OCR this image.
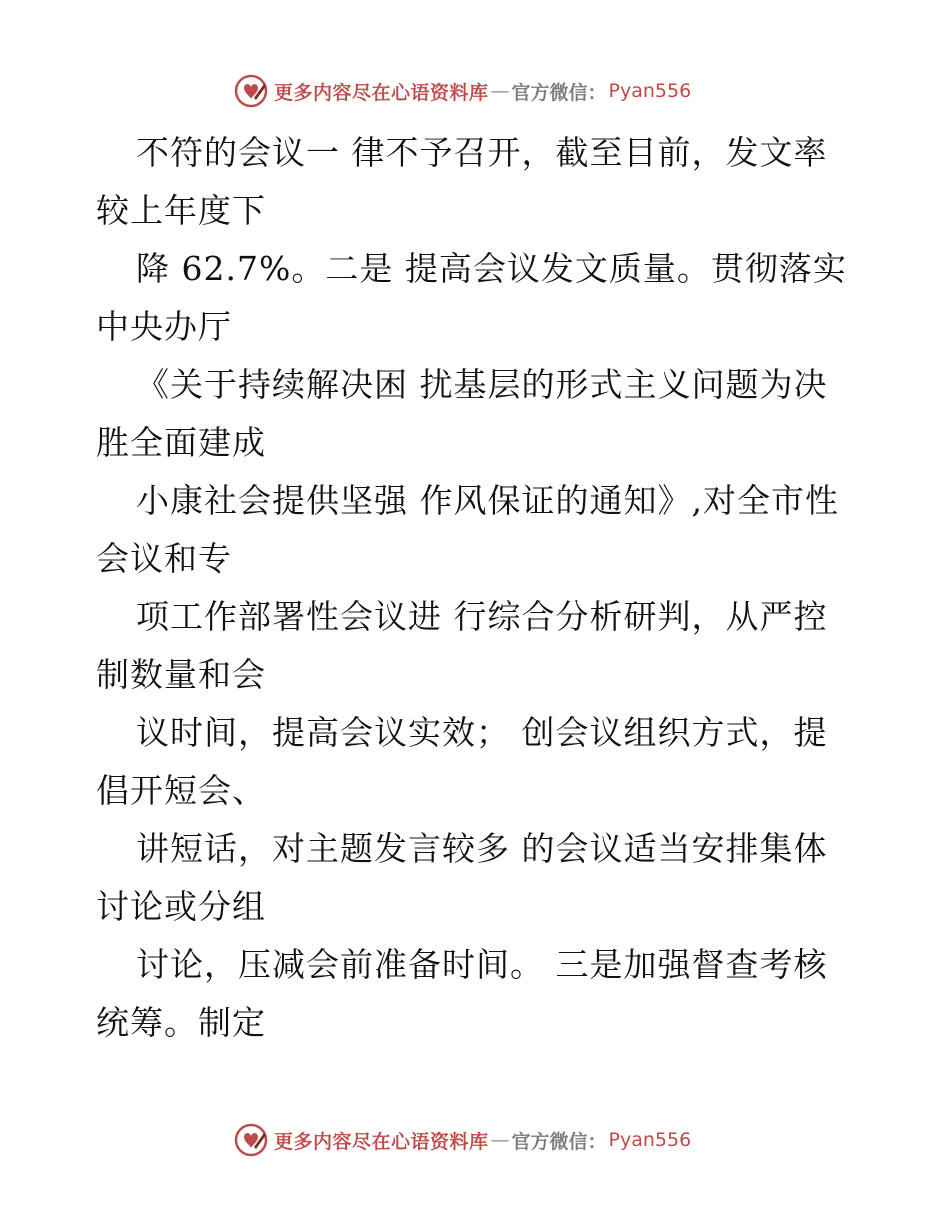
更多内容尽在心语资料库 — 官方微信： Pyan556
不符的会议一 律不予召开，截至目前，发文率
较上年度下
降 62.7%。二是 提高会议发文质量。贯彻落实
中央办厅
《关于持续解决困 扰基层的形式主义问题为决
胜全面建成
小康社会提供坚强 作风保证的通知》,对全市性
会议和专
项工作部署性会议进 行综合分析研判，从严控
制数量和会
议时间，提高会议实效； 创会议组织方式，提
倡开短会、
讲短话，对主题发言较多 的会议适当安排集体
讨论或分组
讨论，压减会前准备时间。 三是加强督查考核
统筹。制定
更多内容尽在心语资料库 — 官方微信： Pyan556
